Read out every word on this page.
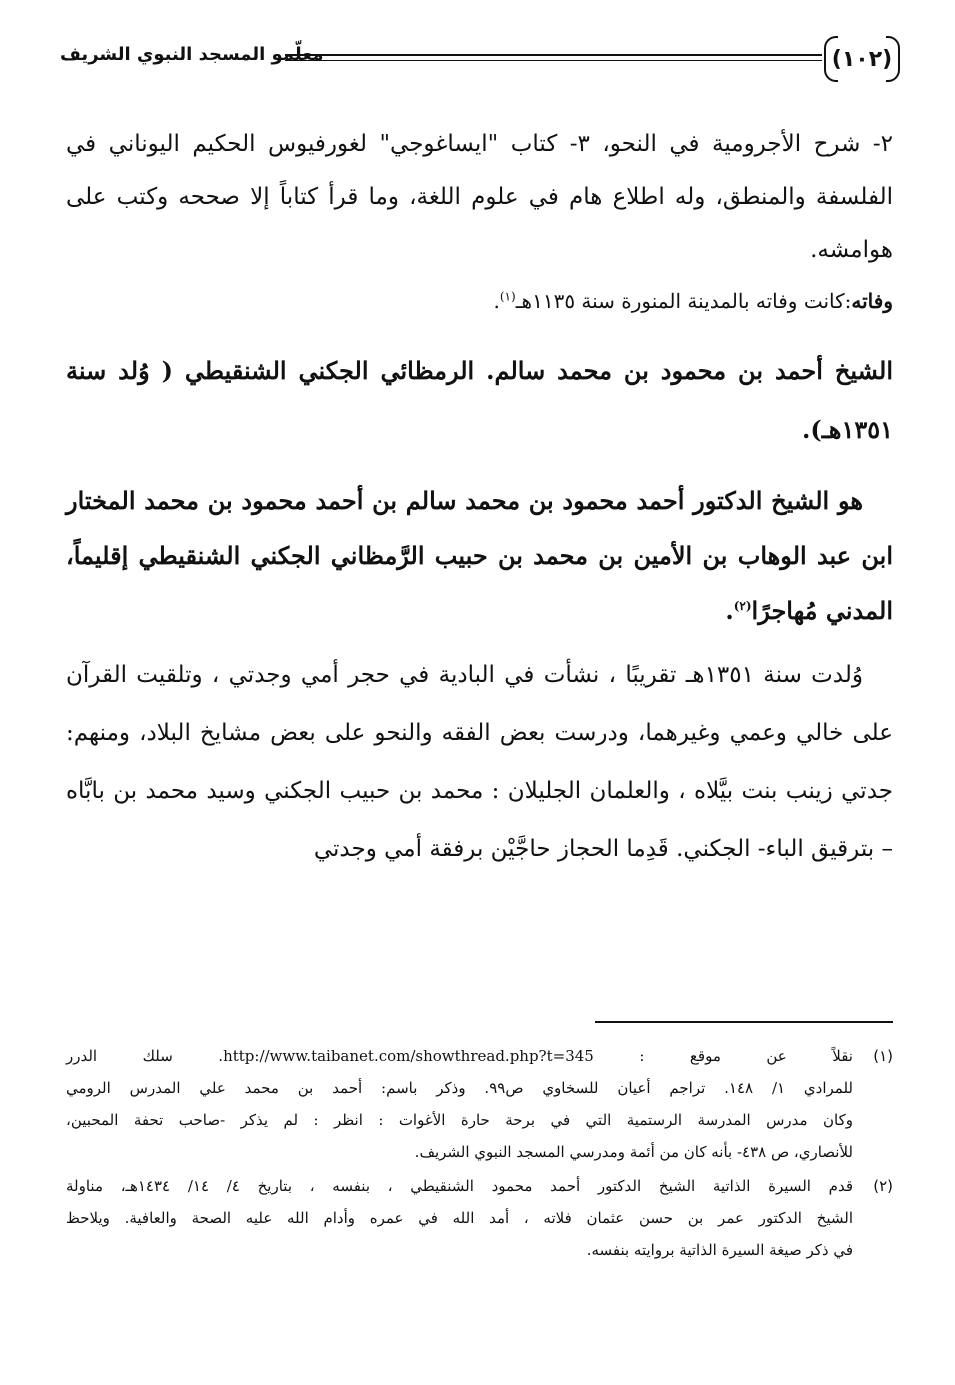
(١٠٢)
معلّمو المسجد النبوي الشريف

٢- شرح الأجرومية في النحو، ٣- كتاب "ايساغوجي" لغورفيوس الحكيم اليوناني في الفلسفة والمنطق، وله اطلاع هام في علوم اللغة، وما قرأ كتاباً إلا صححه وكتب على هوامشه.

وفاته:كانت وفاته بالمدينة المنورة سنة ١١٣٥هـ$^{(١)}$.

الشيخ أحمد بن محمود بن محمد سالم. الرمظائي الجكني الشنقيطي ( وُلد سنة ١٣٥١هـ).

هو الشيخ الدكتور أحمد محمود بن محمد سالم بن أحمد محمود بن محمد المختار ابن عبد الوهاب بن الأمين بن محمد بن حبيب الرَّمظاني الجكني الشنقيطي إقليماً، المدني مُهاجرًا$^{(٢)}$.

وُلدت سنة ١٣٥١هـ تقريبًا ، نشأت في البادية في حجر أمي وجدتي ، وتلقيت القرآن على خالي وعمي وغيرهما، ودرست بعض الفقه والنحو على بعض مشايخ البلاد، ومنهم: جدتي زينب بنت بيَّلاه ، والعلمان الجليلان : محمد بن حبيب الجكني وسيد محمد بن بابَّاه – بترقيق الباء- الجكني. قَدِما الحجاز حاجَّيْن برفقة أمي وجدتي

(١)
نقلاً عن موقع : http://www.taibanet.com/showthread.php?t=345. سلك الدرر
للمرادي ١/ ١٤٨. تراجم أعيان للسخاوي ص٩٩. وذكر باسم: أحمد بن محمد علي المدرس الرومي
وكان مدرس المدرسة الرستمية التي في برحة حارة الأغوات : انظر : لم يذكر -صاحب تحفة المحبين،
للأنصاري، ص ٤٣٨- بأنه كان من أئمة ومدرسي المسجد النبوي الشريف.
(٢)
قدم السيرة الذاتية الشيخ الدكتور أحمد محمود الشنقيطي ، بنفسه ، بتاريخ ٤/ ١٤/ ١٤٣٤هـ، مناولة
الشيخ الدكتور عمر بن حسن عثمان فلاته ، أمد الله في عمره وأدام الله عليه الصحة والعافية. ويلاحظ
في ذكر صيغة السيرة الذاتية بروايته بنفسه.
